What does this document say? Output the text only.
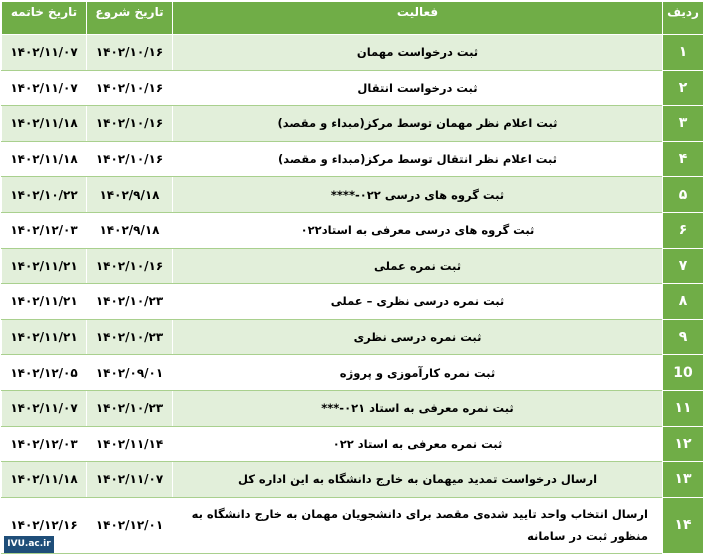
ردیف	فعالیت	تاریخ شروع	تاریخ خاتمه
۱	ثبت درخواست مهمان	۱۴۰۲/۱۰/۱۶	۱۴۰۲/۱۱/۰۷
۲	ثبت درخواست انتقال	۱۴۰۲/۱۰/۱۶	۱۴۰۲/۱۱/۰۷
۳	ثبت اعلام نظر مهمان توسط مرکز(مبداء و مقصد)	۱۴۰۲/۱۰/۱۶	۱۴۰۲/۱۱/۱۸
۴	ثبت اعلام نظر انتقال توسط مرکز(مبداء و مقصد)	۱۴۰۲/۱۰/۱۶	۱۴۰۲/۱۱/۱۸
۵	ثبت گروه های درسی ۰۲۲-****	۱۴۰۲/۹/۱۸	۱۴۰۲/۱۰/۲۲
۶	ثبت گروه های درسی معرفی به استاد۰۲۲	۱۴۰۲/۹/۱۸	۱۴۰۲/۱۲/۰۳
۷	ثبت نمره عملی	۱۴۰۲/۱۰/۱۶	۱۴۰۲/۱۱/۲۱
۸	ثبت نمره درسی نظری – عملی	۱۴۰۲/۱۰/۲۳	۱۴۰۲/۱۱/۲۱
۹	ثبت نمره درسی نظری	۱۴۰۲/۱۰/۲۳	۱۴۰۲/۱۱/۲۱
10	ثبت نمره کارآموزی و پروژه	۱۴۰۲/۰۹/۰۱	۱۴۰۲/۱۲/۰۵
۱۱	ثبت نمره معرفی به استاد ۰۲۱-***	۱۴۰۲/۱۰/۲۳	۱۴۰۲/۱۱/۰۷
۱۲	ثبت نمره معرفی به استاد ۰۲۲	۱۴۰۲/۱۱/۱۴	۱۴۰۲/۱۲/۰۳
۱۳	ارسال درخواست تمدید میهمان به خارج دانشگاه به این اداره کل	۱۴۰۲/۱۱/۰۷	۱۴۰۲/۱۱/۱۸
۱۴	ارسال انتخاب واحد تایید شده‌ی مقصد برای دانشجویان مهمان به خارج دانشگاه به منظور ثبت در سامانه	۱۴۰۲/۱۲/۰۱	۱۴۰۲/۱۲/۱۶
IVU.ac.ir
